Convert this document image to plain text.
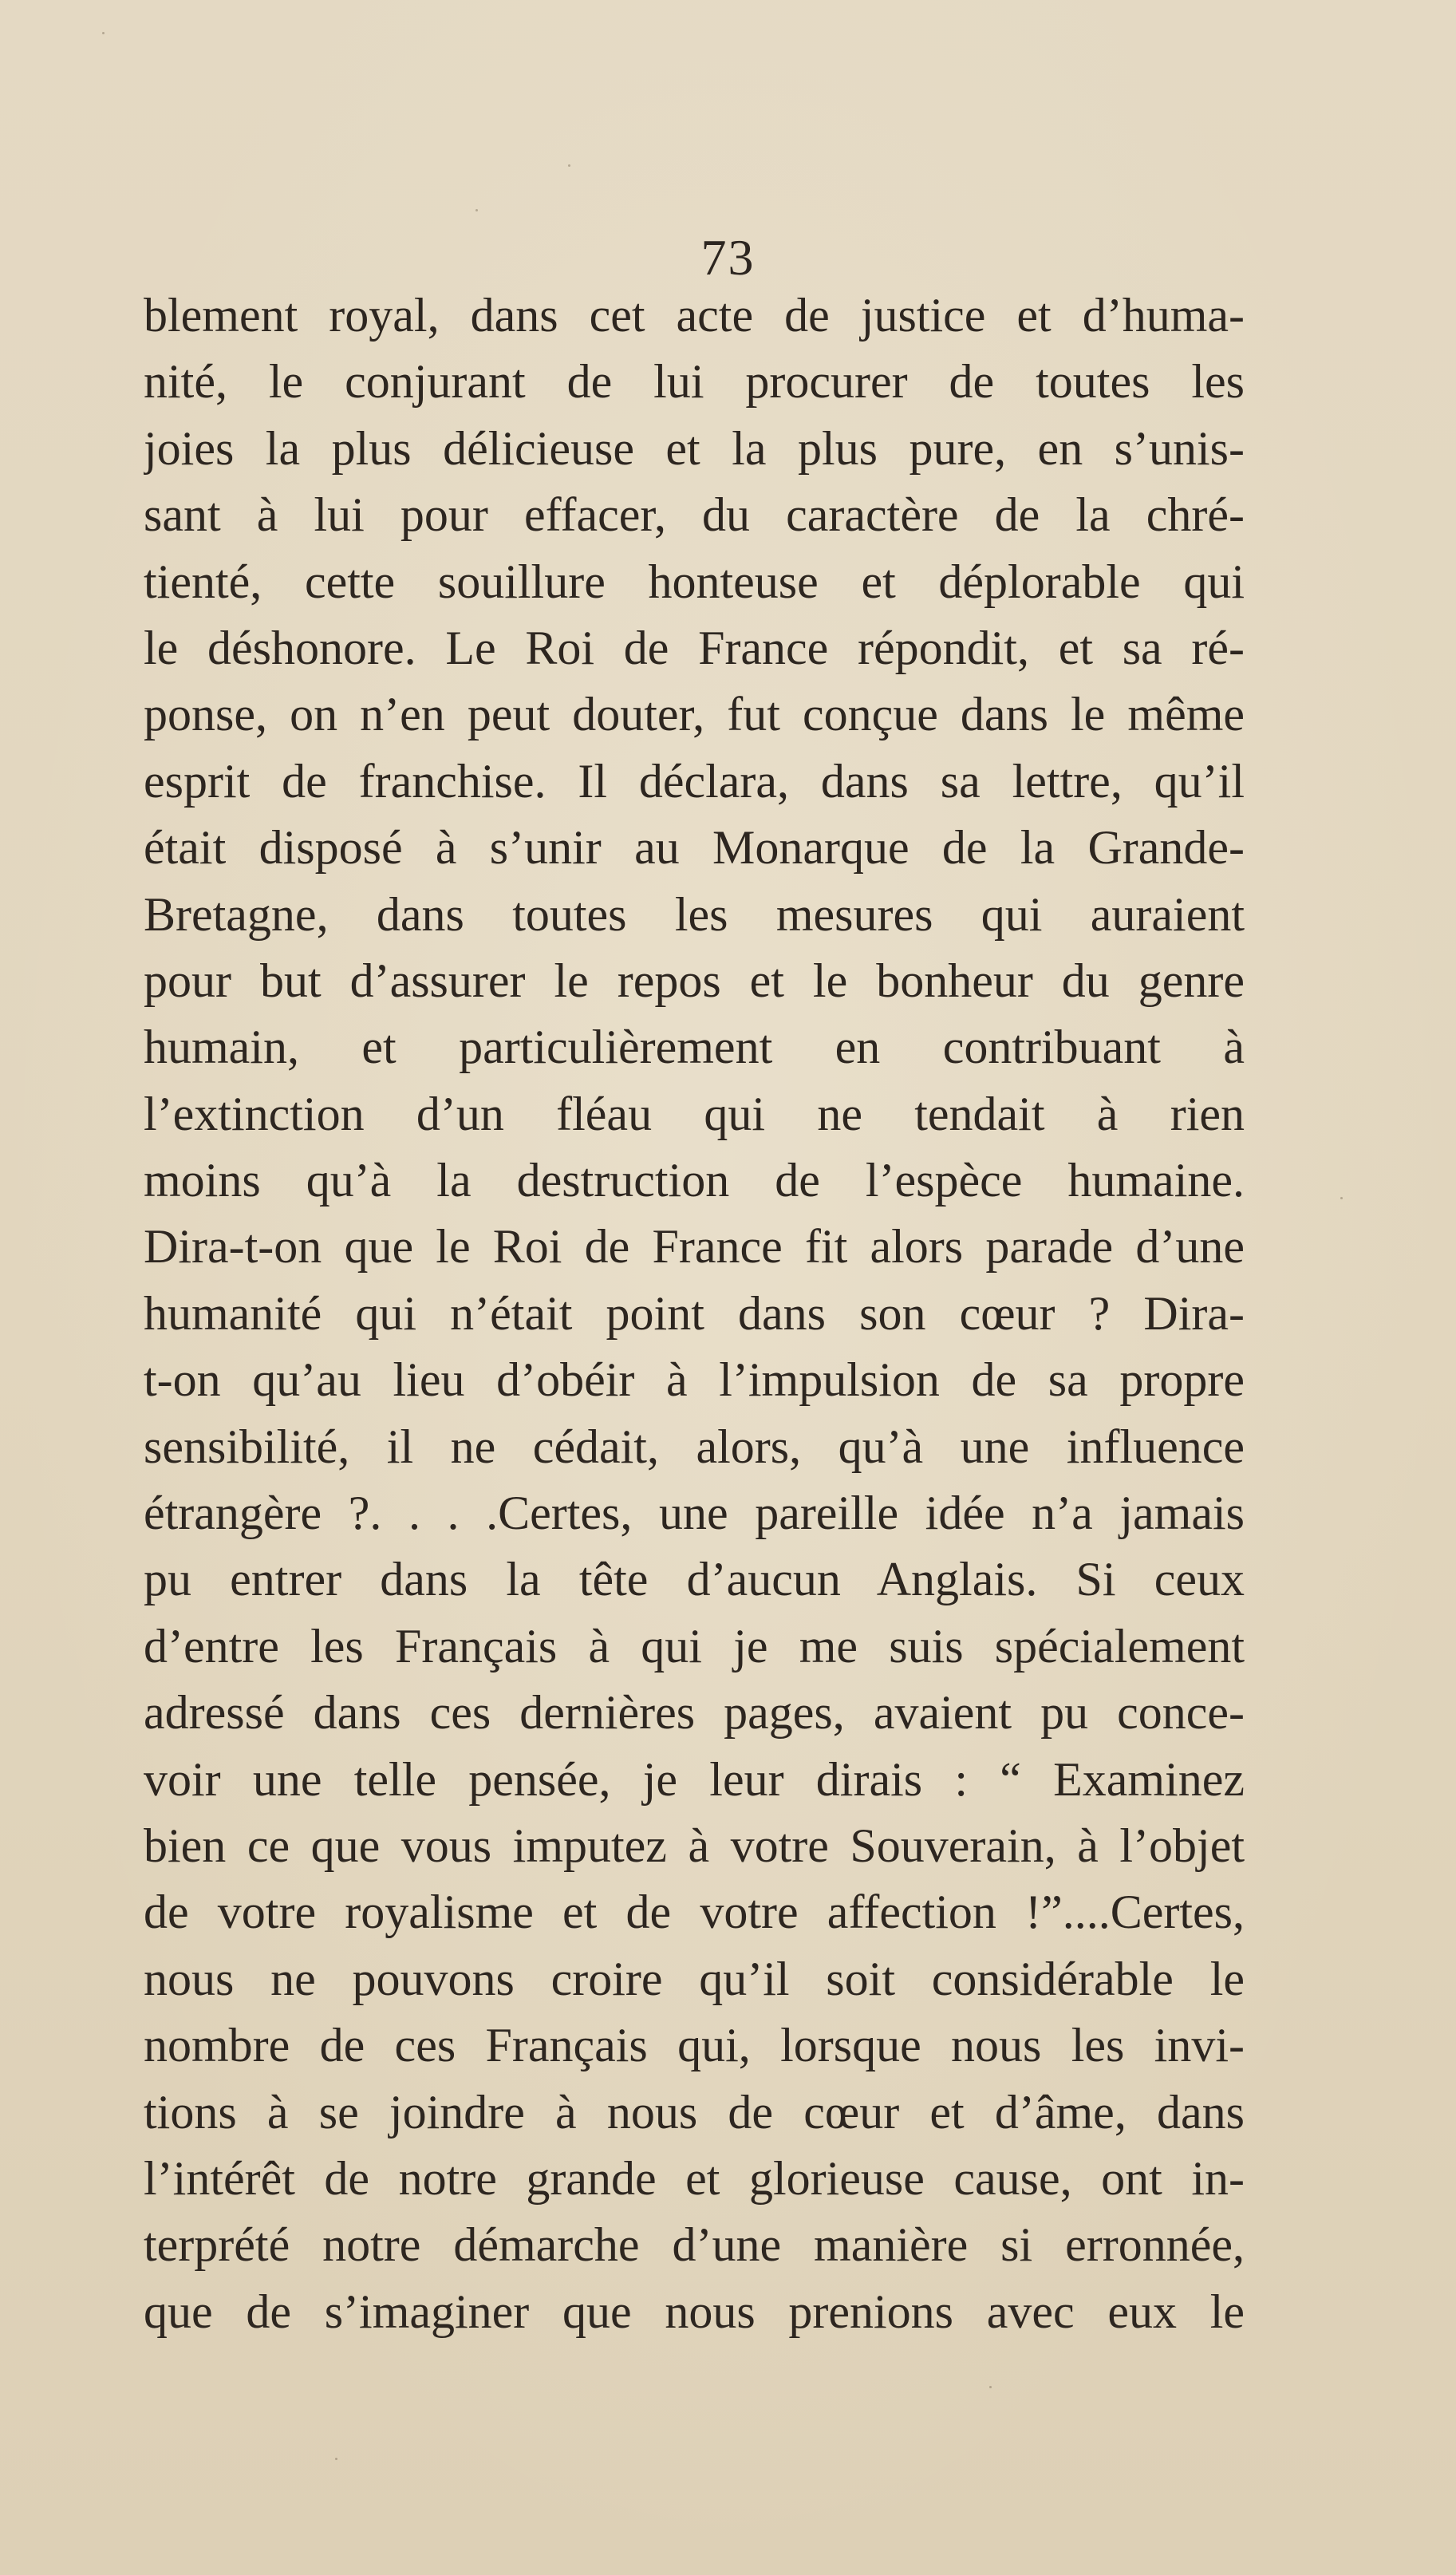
73
blement royal, dans cet acte de justice et d’huma-
nité, le conjurant de lui procurer de toutes les
joies la plus délicieuse et la plus pure, en s’unis-
sant à lui pour effacer, du caractère de la chré-
tienté, cette souillure honteuse et déplorable qui
le déshonore. Le Roi de France répondit, et sa ré-
ponse, on n’en peut douter, fut conçue dans le même
esprit de franchise. Il déclara, dans sa lettre, qu’il
était disposé à s’unir au Monarque de la Grande-
Bretagne, dans toutes les mesures qui auraient
pour but d’assurer le repos et le bonheur du genre
humain, et particulièrement en contribuant à
l’extinction d’un fléau qui ne tendait à rien
moins qu’à la destruction de l’espèce humaine.
Dira-t-on que le Roi de France fit alors parade d’une
humanité qui n’était point dans son cœur ? Dira-
t-on qu’au lieu d’obéir à l’impulsion de sa propre
sensibilité, il ne cédait, alors, qu’à une influence
étrangère ?. . . .Certes, une pareille idée n’a jamais
pu entrer dans la tête d’aucun Anglais. Si ceux
d’entre les Français à qui je me suis spécialement
adressé dans ces dernières pages, avaient pu conce-
voir une telle pensée, je leur dirais : “ Examinez
bien ce que vous imputez à votre Souverain, à l’objet
de votre royalisme et de votre affection !”....Certes,
nous ne pouvons croire qu’il soit considérable le
nombre de ces Français qui, lorsque nous les invi-
tions à se joindre à nous de cœur et d’âme, dans
l’intérêt de notre grande et glorieuse cause, ont in-
terprété notre démarche d’une manière si erronnée,
que de s’imaginer que nous prenions avec eux le
